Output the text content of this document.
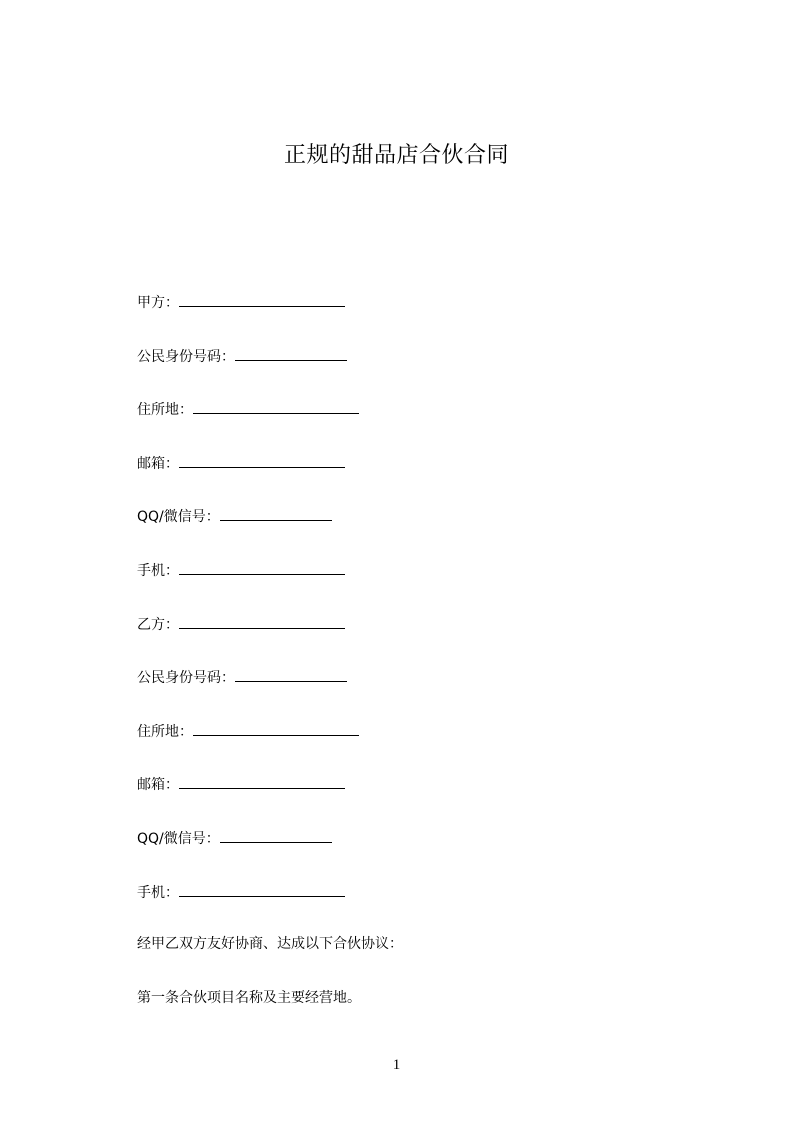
正规的甜品店合伙合同
甲方：
公民身份号码：
住所地：
邮箱：
QQ/微信号：
手机：
乙方：
公民身份号码：
住所地：
邮箱：
QQ/微信号：
手机：
经甲乙双方友好协商、达成以下合伙协议：
第一条合伙项目名称及主要经营地。
1
